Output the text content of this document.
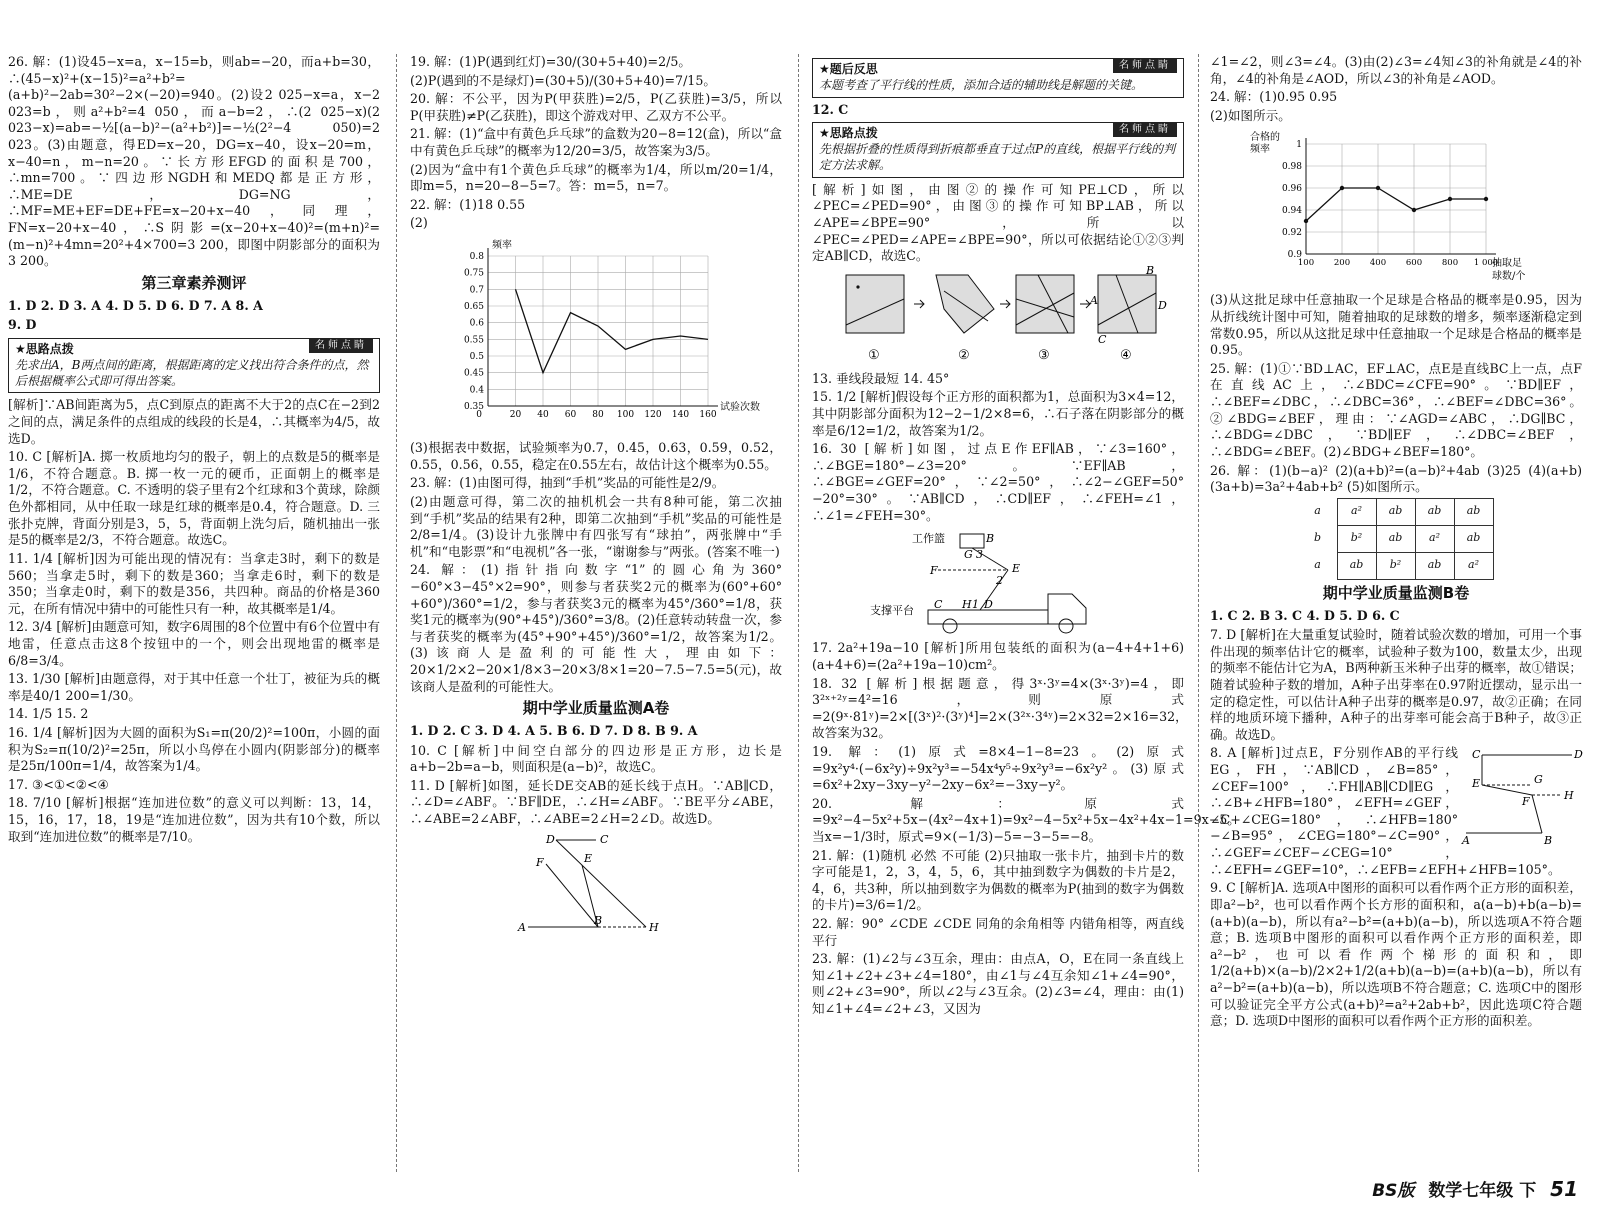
26. 解：(1)设45−x=a，x−15=b，则ab=−20，而a+b=30，∴(45−x)²+(x−15)²=a²+b²=(a+b)²−2ab=30²−2×(−20)=940。(2)设2 025−x=a，x−2 023=b，则a²+b²=4 050，而a−b=2，∴(2 025−x)(2 023−x)=ab=−½[(a−b)²−(a²+b²)]=−½(2²−4 050)=2 023。(3)由题意，得ED=x−20，DG=x−40，设x−20=m，x−40=n，m−n=20。∵长方形EFGD的面积是700，∴mn=700。∵四边形NGDH和MEDQ都是正方形，∴ME=DE，DG=NG，∴MF=ME+EF=DE+FE=x−20+x−40，同理，FN=x−20+x−40，∴S阴影=(x−20+x−40)²=(m+n)²=(m−n)²+4mn=20²+4×700=3 200，即图中阴影部分的面积为3 200。

第三章素养测评
1. D 2. D 3. A 4. D 5. D 6. D 7. A 8. A
9. D
名师点睛
★思路点拨
先求出A，B两点间的距离，根据距离的定义找出符合条件的点，然后根据概率公式即可得出答案。

[解析]∵AB间距离为5，点C到原点的距离不大于2的点C在−2到2之间的点，满足条件的点组成的线段的长是4，∴其概率为4/5，故选D。

10. C [解析]A. 掷一枚质地均匀的骰子，朝上的点数是5的概率是1/6，不符合题意。B. 掷一枚一元的硬币，正面朝上的概率是1/2，不符合题意。C. 不透明的袋子里有2个红球和3个黄球，除颜色外都相同，从中任取一球是红球的概率是0.4，符合题意。D. 三张扑克牌，背面分别是3，5，5，背面朝上洗匀后，随机抽出一张是5的概率是2/3，不符合题意。故选C。

11. 1/4 [解析]因为可能出现的情况有：当拿走3时，剩下的数是560；当拿走5时，剩下的数是360；当拿走6时，剩下的数是350；当拿走0时，剩下的数是356，共四种。商品的价格是360元，在所有情况中猜中的可能性只有一种，故其概率是1/4。

12. 3/4 [解析]由题意可知，数字6周围的8个位置中有6个位置中有地雷，任意点击这8个按钮中的一个，则会出现地雷的概率是6/8=3/4。

13. 1/30 [解析]由题意得，对于其中任意一个壮丁，被征为兵的概率是40/1 200=1/30。

14. 1/5 15. 2

16. 1/4 [解析]因为大圆的面积为S₁=π(20/2)²=100π，小圆的面积为S₂=π(10/2)²=25π，所以小鸟停在小圆内(阴影部分)的概率是25π/100π=1/4，故答案为1/4。

17. ③<①<②<④

18. 7/10 [解析]根据“连加进位数”的意义可以判断：13，14，15，16，17，18，19是“连加进位数”，因为共有10个数，所以取到“连加进位数”的概率是7/10。

19. 解：(1)P(遇到红灯)=30/(30+5+40)=2/5。

(2)P(遇到的不是绿灯)=(30+5)/(30+5+40)=7/15。

20. 解：不公平，因为P(甲获胜)=2/5，P(乙获胜)=3/5，所以P(甲获胜)≠P(乙获胜)，即这个游戏对甲、乙双方不公平。

21. 解：(1)“盒中有黄色乒乓球”的盒数为20−8=12(盒)，所以“盒中有黄色乒乓球”的概率为12/20=3/5，故答案为3/5。

(2)因为“盒中有1个黄色乒乓球”的概率为1/4，所以m/20=1/4，即m=5，n=20−8−5=7。答：m=5，n=7。

22. 解：(1)18 0.55

(2)

0.8
0.75
0.7
0.65
0.6
0.55
0.5
0.45
0.4
0.35
20 40 60 80 100 120 140 160
0
频率
试验次数

(3)根据表中数据，试验频率为0.7，0.45，0.63，0.59，0.52，0.55，0.56，0.55，稳定在0.55左右，故估计这个概率为0.55。

23. 解：(1)由图可得，抽到“手机”奖品的可能性是2/9。

(2)由题意可得，第二次的抽机机会一共有8种可能，第二次抽到“手机”奖品的结果有2种，即第二次抽到“手机”奖品的可能性是2/8=1/4。(3)设计九张牌中有四张写有“球拍”，两张牌中“手机”和“电影票”和“电视机”各一张，“谢谢参与”两张。(答案不唯一)

24. 解：(1)指针指向数字“1”的圆心角为360°−60°×3−45°×2=90°，则参与者获奖2元的概率为(60°+60°+60°)/360°=1/2，参与者获奖3元的概率为45°/360°=1/8，获奖1元的概率为(90°+45°)/360°=3/8。(2)任意转动转盘一次，参与者获奖的概率为(45°+90°+45°)/360°=1/2，故答案为1/2。(3)该商人是盈利的可能性大，理由如下：20×1/2×2−20×1/8×3−20×3/8×1=20−7.5−7.5=5(元)，故该商人是盈利的可能性大。

期中学业质量监测A卷
1. D 2. C 3. D 4. A 5. B 6. D 7. D 8. B 9. A

10. C [解析]中间空白部分的四边形是正方形，边长是a+b−2b=a−b，则面积是(a−b)²，故选C。

11. D [解析]如图，延长DE交AB的延长线于点H。∵AB∥CD，∴∠D=∠ABF。∵BF∥DE，∴∠H=∠ABF。∵BE平分∠ABE，∴∠ABE=2∠ABF，∴∠ABE=2∠H=2∠D。故选D。

D	C
F	E
A
B
H
名师点睛
★题后反思
本题考查了平行线的性质，添加合适的辅助线是解题的关键。
12. C
名师点睛
★思路点拨
先根据折叠的性质得到折痕都垂直于过点P的直线，根据平行线的判定方法求解。

[解析]如图，由图②的操作可知PE⊥CD，所以∠PEC=∠PED=90°，由图③的操作可知BP⊥AB，所以∠APE=∠BPE=90°，所以∠PEC=∠PED=∠APE=∠BPE=90°，所以可依据结论①②③判定AB∥CD，故选C。

B
A
C
D
①	②	③	④

13. 垂线段最短 14. 45°

15. 1/2 [解析]假设每个正方形的面积都为1，总面积为3×4=12，其中阴影部分面积为12−2−1/2×8=6，∴石子落在阴影部分的概率是6/12=1/2，故答案为1/2。

16. 30 [解析]如图，过点E作EF∥AB，∵∠3=160°，∴∠BGE=180°−∠3=20°。∵EF∥AB，∴∠BGE=∠GEF=20°，∵∠2=50°，∴∠2−∠GEF=50°−20°=30°。∵AB∥CD，∴CD∥EF，∴∠FEH=∠1，∴∠1=∠FEH=30°。

工作篮
支撑平台
B
G 3
F	E
2
C H 1 D

17. 2a²+19a−10 [解析]所用包装纸的面积为(a−4+4+1+6)(a+4+6)=(2a²+19a−10)cm²。

18. 32 [解析]根据题意，得3ˣ·3ʸ=4×(3ˣ·3ʸ)=4，即3²ˣ⁺²ʸ=4²=16，则原式=2(9ˣ·81ʸ)=2×[(3ˣ)²·(3ʸ)⁴]=2×(3²ˣ·3⁴ʸ)=2×32=2×16=32，故答案为32。

19. 解：(1)原式=8×4−1−8=23。(2)原式=9x²y⁴·(−6x²y)÷9x²y³=−54x⁴y⁵÷9x²y³=−6x²y²。(3)原式=6x²+2xy−3xy−y²−2xy−6x²=−3xy−y²。

20. 解：原式=9x²−4−5x²+5x−(4x²−4x+1)=9x²−4−5x²+5x−4x²+4x−1=9x−5。当x=−1/3时，原式=9×(−1/3)−5=−3−5=−8。

21. 解：(1)随机 必然 不可能 (2)只抽取一张卡片，抽到卡片的数字可能是1，2，3，4，5，6，其中抽到数字为偶数的卡片是2，4，6，共3种，所以抽到数字为偶数的概率为P(抽到的数字为偶数的卡片)=3/6=1/2。

22. 解：90° ∠CDE ∠CDE 同角的余角相等 内错角相等，两直线平行

23. 解：(1)∠2与∠3互余，理由：由点A，O，E在同一条直线上知∠1+∠2+∠3+∠4=180°，由∠1与∠4互余知∠1+∠4=90°，则∠2+∠3=90°，所以∠2与∠3互余。(2)∠3=∠4，理由：由(1)知∠1+∠4=∠2+∠3，又因为

∠1=∠2，则∠3=∠4。(3)由(2)∠3=∠4知∠3的补角就是∠4的补角，∠4的补角是∠AOD，所以∠3的补角是∠AOD。

24. 解：(1)0.95 0.95

(2)如图所示。

1
0.98
0.96
0.94
0.92
0.9
100 200 400 600 800 1 000
合格的
频率
抽取足
球数/个

(3)从这批足球中任意抽取一个足球是合格品的概率是0.95，因为从折线统计图中可知，随着抽取的足球数的增多，频率逐渐稳定到常数0.95，所以从这批足球中任意抽取一个足球是合格品的概率是0.95。

25. 解：(1)①∵BD⊥AC，EF⊥AC，点E是直线BC上一点，点F在直线AC上，∴∠BDC=∠CFE=90°。∵BD∥EF，∴∠BEF=∠DBC，∴∠DBC=36°，∴∠BEF=∠DBC=36°。②∠BDG=∠BEF，理由：∵∠AGD=∠ABC，∴DG∥BC，∴∠BDG=∠DBC，∵BD∥EF，∴∠DBC=∠BEF，∴∠BDG=∠BEF。(2)∠BDG+∠BEF=180°。

26. 解：(1)(b−a)² (2)(a+b)²=(a−b)²+4ab (3)25 (4)(a+b)(3a+b)=3a²+4ab+b² (5)如图所示。

a	a²	ab	ab	ab
b	b²	ab	a²	ab
a	ab	b²	ab	a²
期中学业质量监测B卷
1. C 2. B 3. C 4. D 5. D 6. C

7. D [解析]在大量重复试验时，随着试验次数的增加，可用一个事件出现的频率估计它的概率，试验种子数为100，数量太少，出现的频率不能估计它为A，B两种新玉米种子出芽的概率，故①错误；随着试验种子数的增加，A种子出芽率在0.97附近摆动，显示出一定的稳定性，可以估计A种子出芽的概率是0.97，故②正确；在同样的地质环境下播种，A种子的出芽率可能会高于B种子，故③正确。故选D。

C	D
E	G
F	H
A	B

8. A [解析]过点E，F分别作AB的平行线EG，FH，∵AB∥CD，∠B=85°，∠CEF=100°，∴FH∥AB∥CD∥EG，∴∠B+∠HFB=180°，∠EFH=∠GEF，∠C+∠CEG=180°，∴∠HFB=180°−∠B=95°，∠CEG=180°−∠C=90°，∴∠GEF=∠CEF−∠CEG=10°，∴∠EFH=∠GEF=10°，∴∠EFB=∠EFH+∠HFB=105°。

9. C [解析]A. 选项A中图形的面积可以看作两个正方形的面积差，即a²−b²，也可以看作两个长方形的面积和，a(a−b)+b(a−b)=(a+b)(a−b)，所以有a²−b²=(a+b)(a−b)，所以选项A不符合题意；B. 选项B中图形的面积可以看作两个正方形的面积差，即a²−b²，也可以看作两个梯形的面积和，即1/2(a+b)×(a−b)/2×2+1/2(a+b)(a−b)=(a+b)(a−b)，所以有a²−b²=(a+b)(a−b)，所以选项B不符合题意；C. 选项C中的图形可以验证完全平方公式(a+b)²=a²+2ab+b²，因此选项C符合题意；D. 选项D中图形的面积可以看作两个正方形的面积差。

BS版 数学七年级 下 51
